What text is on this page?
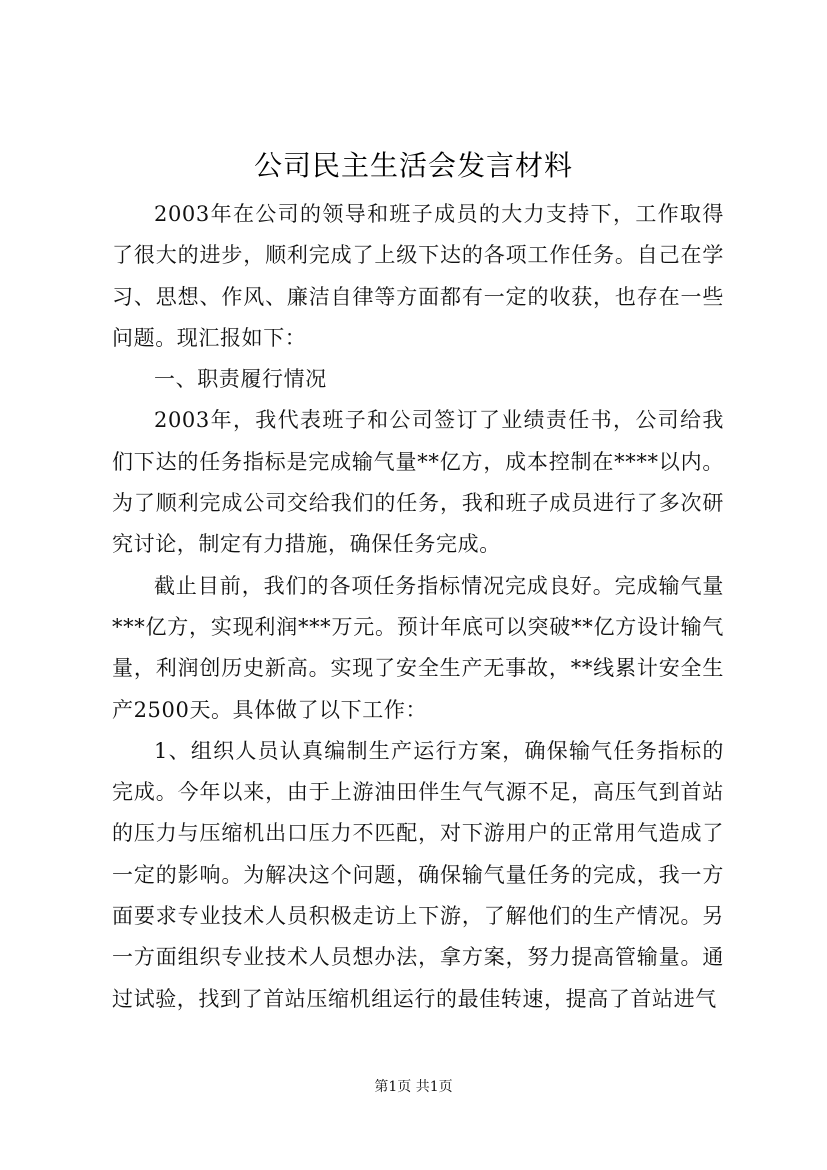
公司民主生活会发言材料

2003年在公司的领导和班子成员的大力支持下，工作取得了很大的进步，顺利完成了上级下达的各项工作任务。自己在学习、思想、作风、廉洁自律等方面都有一定的收获，也存在一些问题。现汇报如下：

一、职责履行情况

2003年，我代表班子和公司签订了业绩责任书，公司给我们下达的任务指标是完成输气量**亿方，成本控制在****以内。为了顺利完成公司交给我们的任务，我和班子成员进行了多次研究讨论，制定有力措施，确保任务完成。

截止目前，我们的各项任务指标情况完成良好。完成输气量***亿方，实现利润***万元。预计年底可以突破**亿方设计输气量，利润创历史新高。实现了安全生产无事故，**线累计安全生产2500天。具体做了以下工作：

1、组织人员认真编制生产运行方案，确保输气任务指标的完成。今年以来，由于上游油田伴生气气源不足，高压气到首站的压力与压缩机出口压力不匹配，对下游用户的正常用气造成了一定的影响。为解决这个问题，确保输气量任务的完成，我一方面要求专业技术人员积极走访上下游，了解他们的生产情况。另一方面组织专业技术人员想办法，拿方案，努力提高管输量。通过试验，找到了首站压缩机组运行的最佳转速，提高了首站进气

第1页 共1页
